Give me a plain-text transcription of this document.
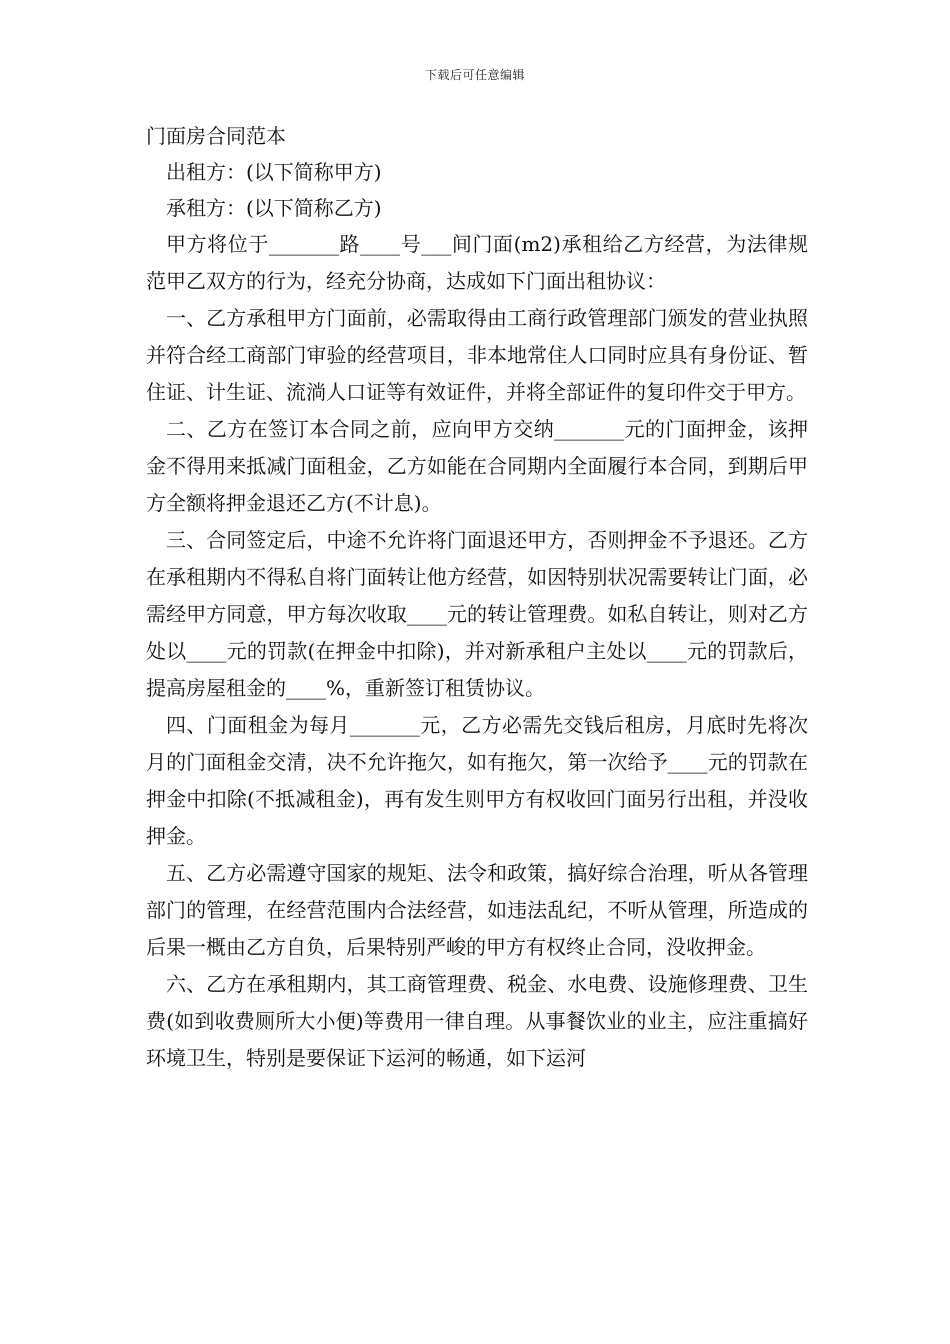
下载后可任意编辑

门面房合同范本

出租方：(以下简称甲方)

承租方：(以下简称乙方)

甲方将位于_______路____号___间门面(m2)承租给乙方经营，为法律规范甲乙双方的行为，经充分协商，达成如下门面出租协议：

一、乙方承租甲方门面前，必需取得由工商行政管理部门颁发的营业执照并符合经工商部门审验的经营项目，非本地常住人口同时应具有身份证、暂住证、计生证、流淌人口证等有效证件，并将全部证件的复印件交于甲方。

二、乙方在签订本合同之前，应向甲方交纳_______元的门面押金，该押金不得用来抵减门面租金，乙方如能在合同期内全面履行本合同，到期后甲方全额将押金退还乙方(不计息)。

三、合同签定后，中途不允许将门面退还甲方，否则押金不予退还。乙方在承租期内不得私自将门面转让他方经营，如因特别状况需要转让门面，必需经甲方同意，甲方每次收取____元的转让管理费。如私自转让，则对乙方处以____元的罚款(在押金中扣除)，并对新承租户主处以____元的罚款后，提高房屋租金的____%，重新签订租赁协议。

四、门面租金为每月_______元，乙方必需先交钱后租房，月底时先将次月的门面租金交清，决不允许拖欠，如有拖欠，第一次给予____元的罚款在押金中扣除(不抵减租金)，再有发生则甲方有权收回门面另行出租，并没收押金。

五、乙方必需遵守国家的规矩、法令和政策，搞好综合治理，听从各管理部门的管理，在经营范围内合法经营，如违法乱纪，不听从管理，所造成的后果一概由乙方自负，后果特别严峻的甲方有权终止合同，没收押金。

六、乙方在承租期内，其工商管理费、税金、水电费、设施修理费、卫生费(如到收费厕所大小便)等费用一律自理。从事餐饮业的业主，应注重搞好环境卫生，特别是要保证下运河的畅通，如下运河
